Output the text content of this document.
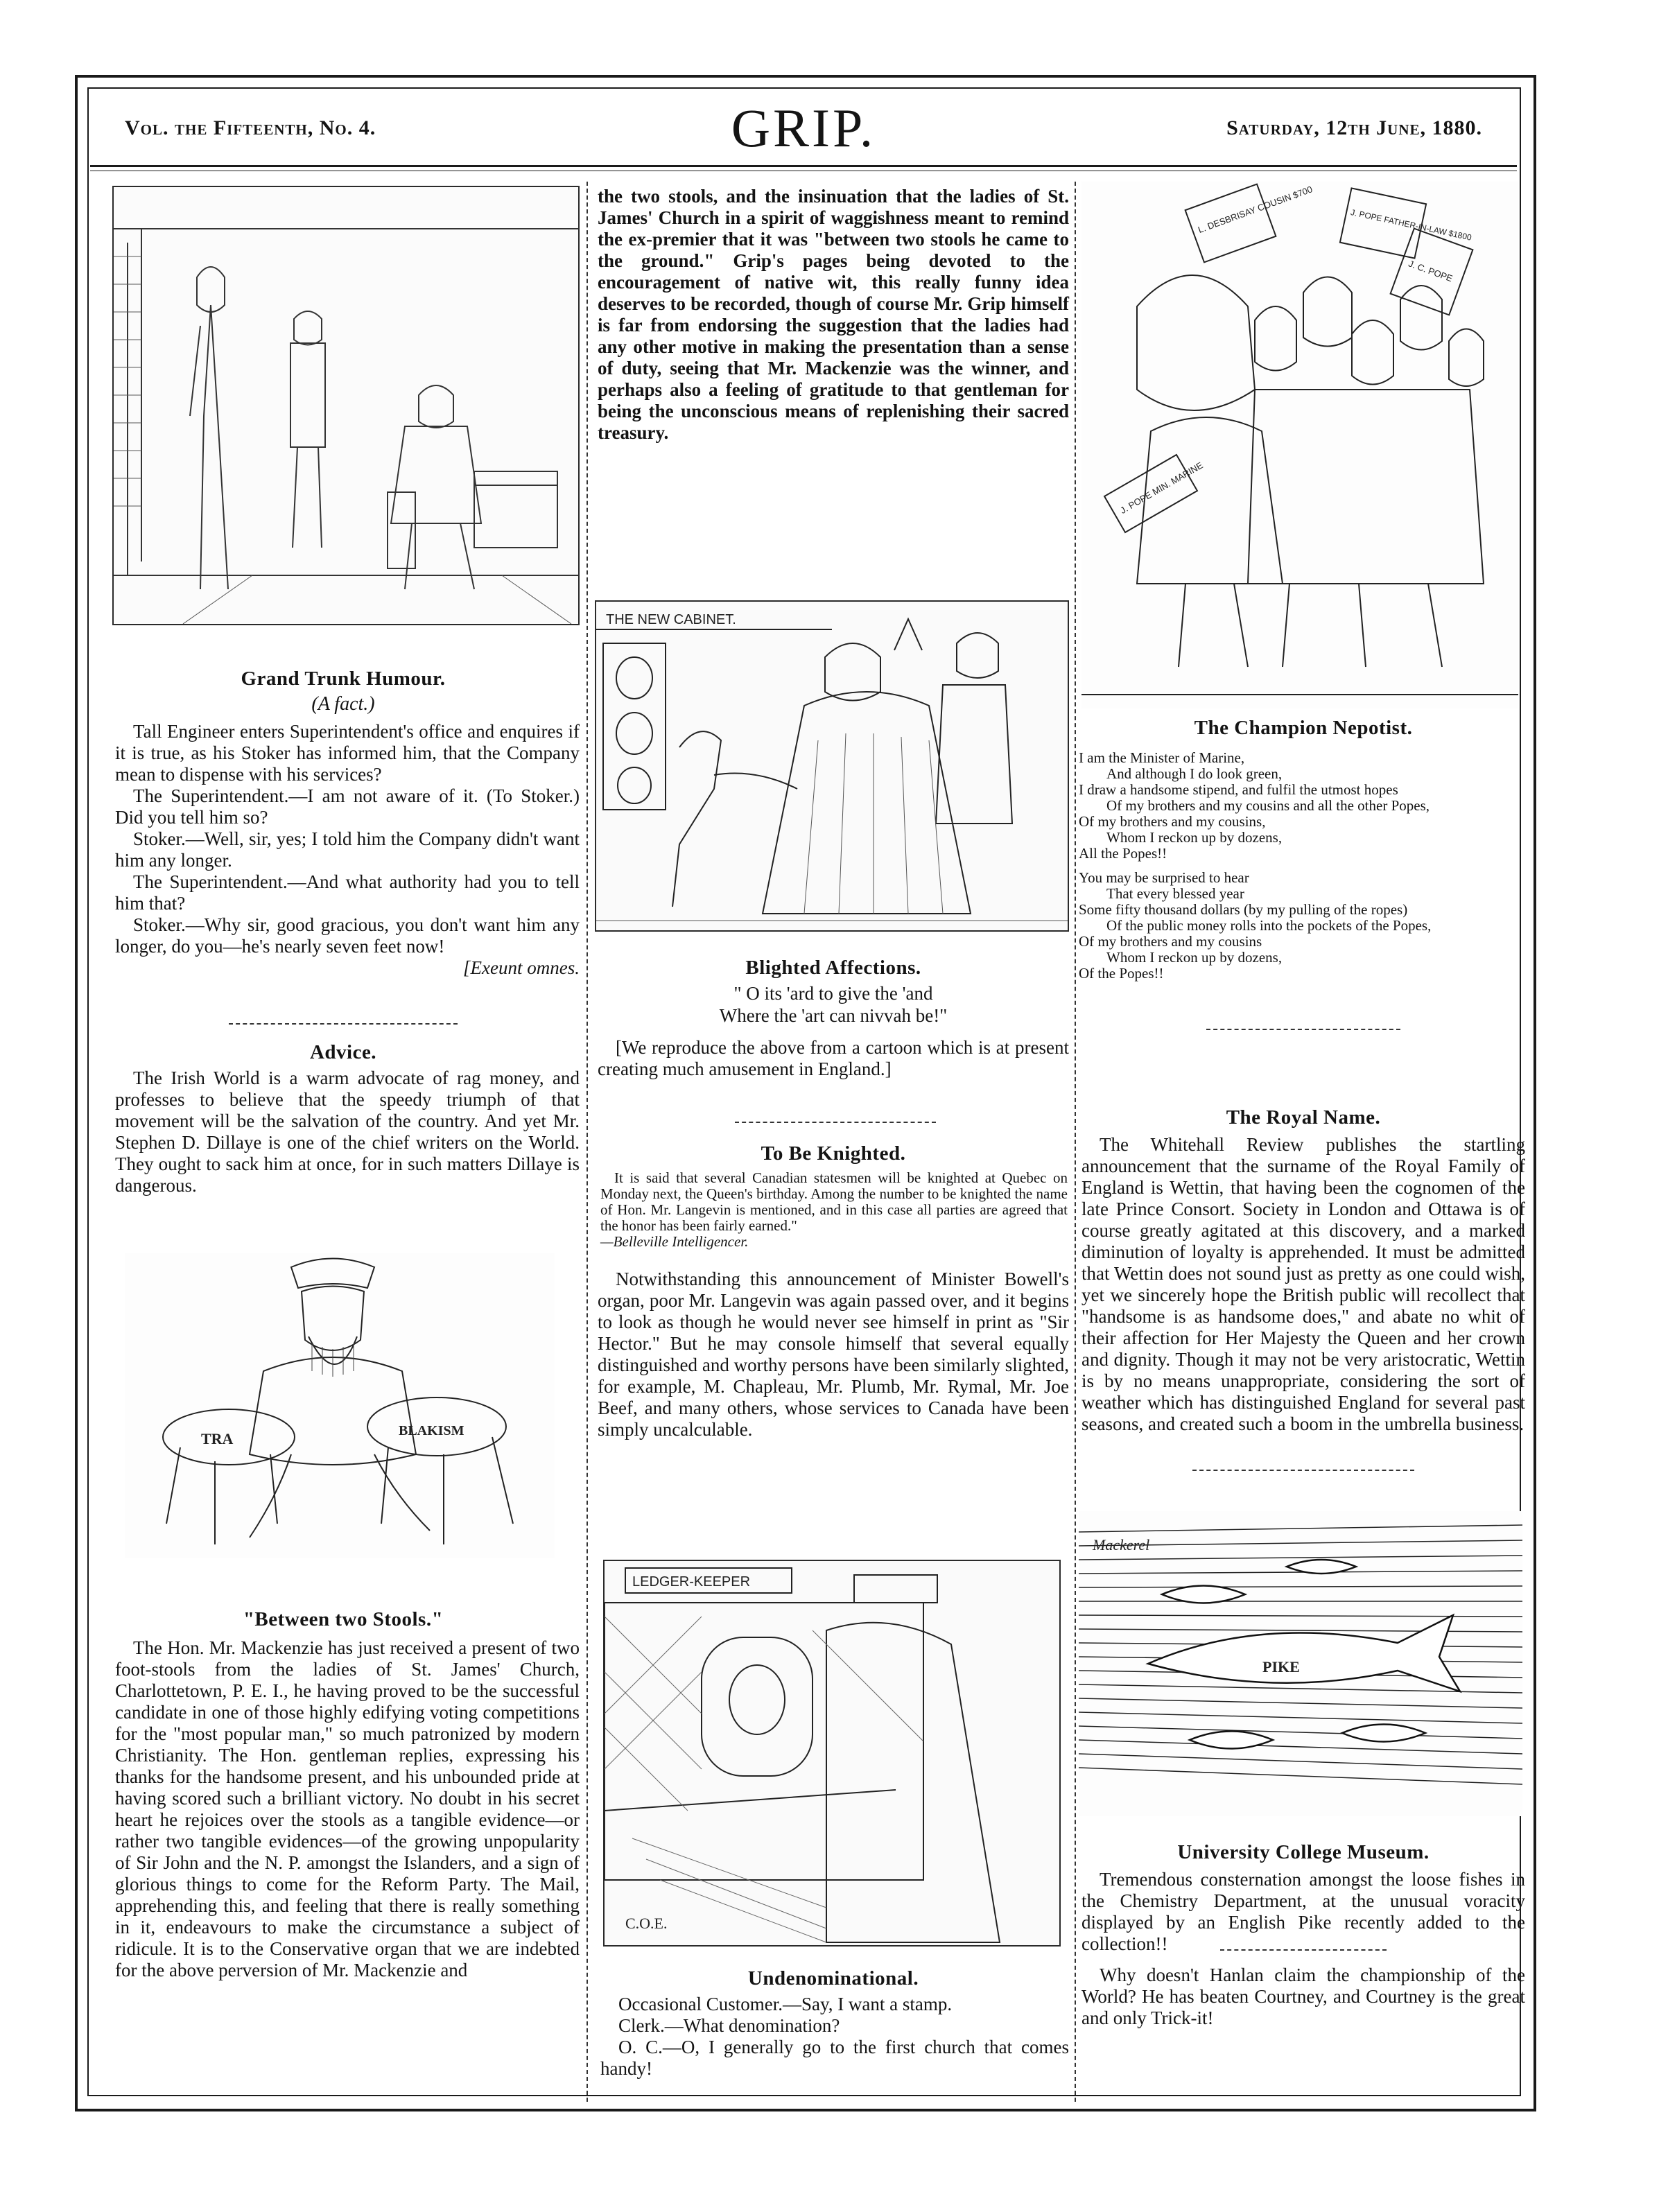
Vol. the Fifteenth, No. 4.	GRIP.	Saturday, 12th June, 1880.
Grand Trunk Humour.
(A fact.)

Tall Engineer enters Superintendent's office and enquires if it is true, as his Stoker has informed him, that the Company mean to dispense with his services?

The Superintendent.—I am not aware of it. (To Stoker.) Did you tell him so?

Stoker.—Well, sir, yes; I told him the Company didn't want him any longer.

The Superintendent.—And what authority had you to tell him that?

Stoker.—Why sir, good gracious, you don't want him any longer, do you—he's nearly seven feet now!

[Exeunt omnes.
Advice.

The Irish World is a warm advocate of rag money, and professes to believe that the speedy triumph of that movement will be the salvation of the country. And yet Mr. Stephen D. Dillaye is one of the chief writers on the World. They ought to sack him at once, for in such matters Dillaye is dangerous.

TRA	BLAKISM
"Between two Stools."

The Hon. Mr. Mackenzie has just received a present of two foot-stools from the ladies of St. James' Church, Charlottetown, P. E. I., he having proved to be the successful candidate in one of those highly edifying voting competitions for the "most popular man," so much patronized by modern Christianity. The Hon. gentleman replies, expressing his thanks for the handsome present, and his unbounded pride at having scored such a brilliant victory. No doubt in his secret heart he rejoices over the stools as a tangible evidence—or rather two tangible evidences—of the growing unpopularity of Sir John and the N. P. amongst the Islanders, and a sign of glorious things to come for the Reform Party. The Mail, apprehending this, and feeling that there is really something in it, endeavours to make the circumstance a subject of ridicule. It is to the Conservative organ that we are indebted for the above perversion of Mr. Mackenzie and

the two stools, and the insinuation that the ladies of St. James' Church in a spirit of waggishness meant to remind the ex-premier that it was "between two stools he came to the ground." Grip's pages being devoted to the encouragement of native wit, this really funny idea deserves to be recorded, though of course Mr. Grip himself is far from endorsing the suggestion that the ladies had any other motive in making the presentation than a sense of duty, seeing that Mr. Mackenzie was the winner, and perhaps also a feeling of gratitude to that gentleman for being the unconscious means of replenishing their sacred treasury.

THE NEW CABINET.
Blighted Affections.
" O its 'ard to give the 'and
Where the 'art can nivvah be!"

[We reproduce the above from a cartoon which is at present creating much amusement in England.]

To Be Knighted.

It is said that several Canadian statesmen will be knighted at Quebec on Monday next, the Queen's birthday. Among the number to be knighted the name of Hon. Mr. Langevin is mentioned, and in this case all parties are agreed that the honor has been fairly earned."

—Belleville Intelligencer.

Notwithstanding this announcement of Minister Bowell's organ, poor Mr. Langevin was again passed over, and it begins to look as though he would never see himself in print as "Sir Hector." But he may console himself that several equally distinguished and worthy persons have been similarly slighted, for example, M. Chapleau, Mr. Plumb, Mr. Rymal, Mr. Joe Beef, and many others, whose services to Canada have been simply uncalculable.

LEDGER-KEEPER
C.O.E.
Undenominational.

Occasional Customer.—Say, I want a stamp.

Clerk.—What denomination?

O. C.—O, I generally go to the first church that comes handy!

L. DESBRISAY COUSIN $700	J. POPE FATHER-IN-LAW $1800
J. POPE MIN. MARINE
J. C. POPE
The Champion Nepotist.
I am the Minister of Marine,
And although I do look green,
I draw a handsome stipend, and fulfil the utmost hopes
Of my brothers and my cousins and all the other Popes,
Of my brothers and my cousins,
Whom I reckon up by dozens,
All the Popes!!
You may be surprised to hear
That every blessed year
Some fifty thousand dollars (by my pulling of the ropes)
Of the public money rolls into the pockets of the Popes,
Of my brothers and my cousins
Whom I reckon up by dozens,
Of the Popes!!
The Royal Name.

The Whitehall Review publishes the startling announcement that the surname of the Royal Family of England is Wettin, that having been the cognomen of the late Prince Consort. Society in London and Ottawa is of course greatly agitated at this discovery, and a marked diminution of loyalty is apprehended. It must be admitted that Wettin does not sound just as pretty as one could wish, yet we sincerely hope the British public will recollect that "handsome is as handsome does," and abate no whit of their affection for Her Majesty the Queen and her crown and dignity. Though it may not be very aristocratic, Wettin is by no means unappropriate, considering the sort of weather which has distinguished England for several past seasons, and created such a boom in the umbrella business.

Mackerel
PIKE
University College Museum.

Tremendous consternation amongst the loose fishes in the Chemistry Department, at the unusual voracity displayed by an English Pike recently added to the collection!!

Why doesn't Hanlan claim the championship of the World? He has beaten Courtney, and Courtney is the great and only Trick-it!
